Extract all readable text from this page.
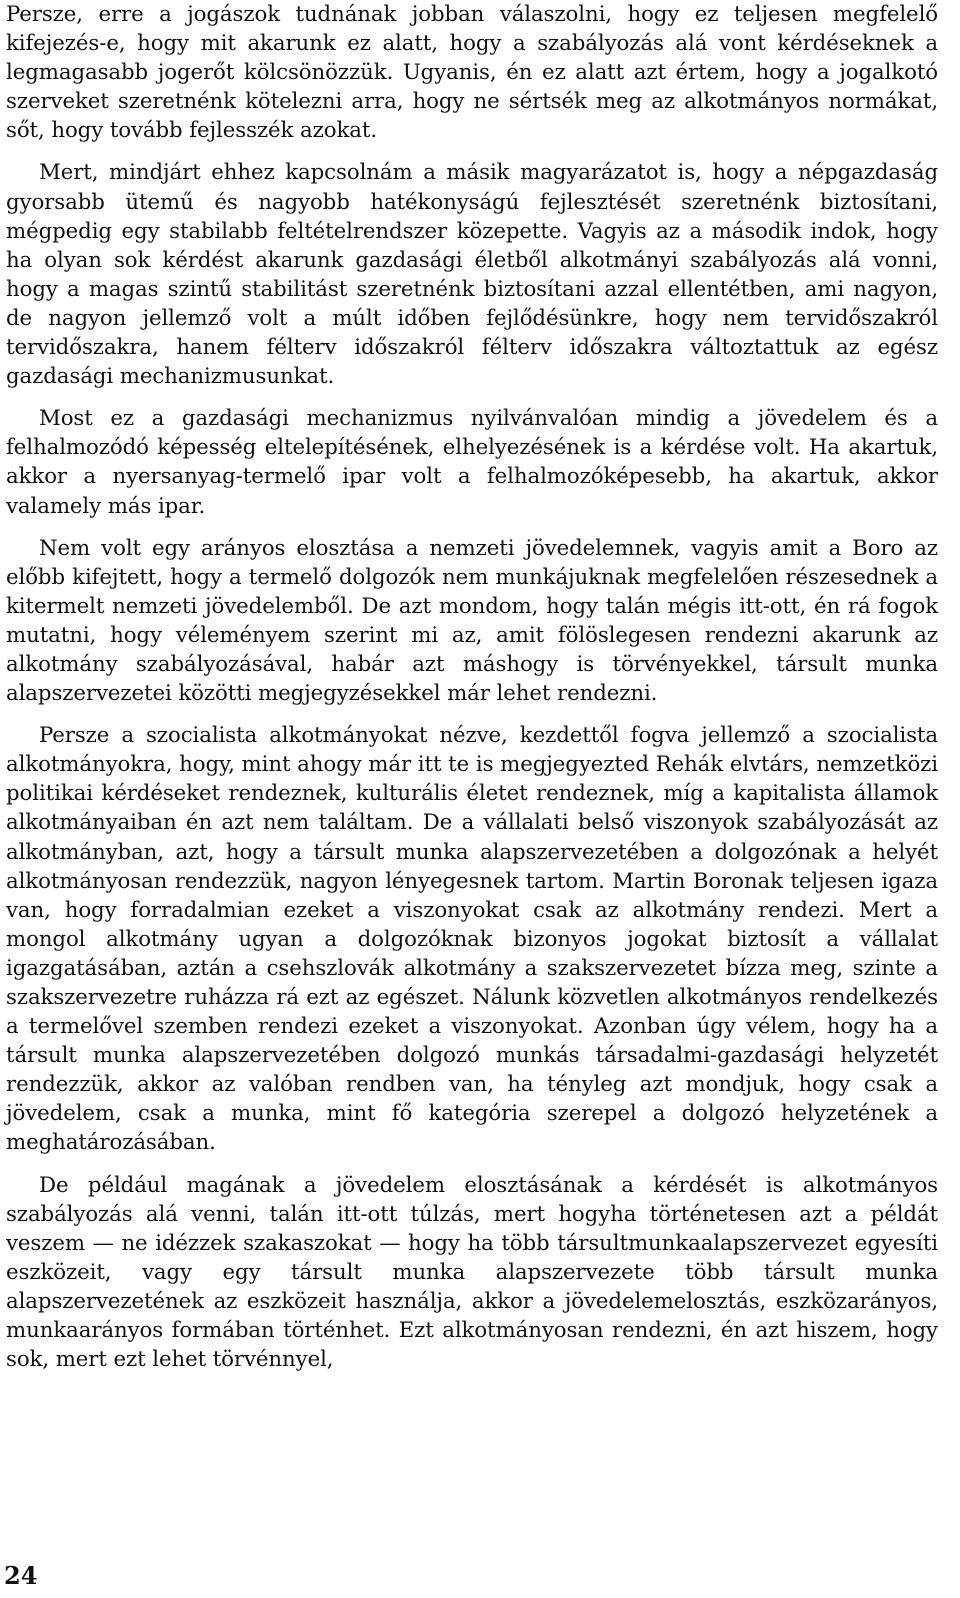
Persze, erre a jogászok tudnának jobban válaszolni, hogy ez teljesen megfelelő kifejezés-e, hogy mit akarunk ez alatt, hogy a szabályozás alá vont kérdéseknek a legmagasabb jogerőt kölcsönözzük. Ugyanis, én ez alatt azt értem, hogy a jogalkotó szerveket szeretnénk kötelezni arra, hogy ne sértsék meg az alkotmányos normákat, sőt, hogy tovább fejlesszék azokat.

Mert, mindjárt ehhez kapcsolnám a másik magyarázatot is, hogy a népgazdaság gyorsabb ütemű és nagyobb hatékonyságú fejlesztését szeretnénk biztosítani, mégpedig egy stabilabb feltételrendszer közepette. Vagyis az a második indok, hogy ha olyan sok kérdést akarunk gazdasági életből alkotmányi szabályozás alá vonni, hogy a magas szintű stabilitást szeretnénk biztosítani azzal ellentétben, ami nagyon, de nagyon jellemző volt a múlt időben fejlődésünkre, hogy nem tervidőszakról tervidőszakra, hanem félterv időszakról félterv időszakra változtattuk az egész gazdasági mechanizmusunkat.

Most ez a gazdasági mechanizmus nyilvánvalóan mindig a jövedelem és a felhalmozódó képesség eltelepítésének, elhelyezésének is a kérdése volt. Ha akartuk, akkor a nyersanyag-termelő ipar volt a felhalmozóképesebb, ha akartuk, akkor valamely más ipar.

Nem volt egy arányos elosztása a nemzeti jövedelemnek, vagyis amit a Boro az előbb kifejtett, hogy a termelő dolgozók nem munkájuknak megfelelően részesednek a kitermelt nemzeti jövedelemből. De azt mondom, hogy talán mégis itt-ott, én rá fogok mutatni, hogy véleményem szerint mi az, amit fölöslegesen rendezni akarunk az alkotmány szabályozásával, habár azt máshogy is törvényekkel, társult munka alapszervezetei közötti megjegyzésekkel már lehet rendezni.

Persze a szocialista alkotmányokat nézve, kezdettől fogva jellemző a szocialista alkotmányokra, hogy, mint ahogy már itt te is megjegyezted Rehák elvtárs, nemzetközi politikai kérdéseket rendeznek, kulturális életet rendeznek, míg a kapitalista államok alkotmányaiban én azt nem találtam. De a vállalati belső viszonyok szabályozását az alkotmányban, azt, hogy a társult munka alapszervezetében a dolgozónak a helyét alkotmányosan rendezzük, nagyon lényegesnek tartom. Martin Boronak teljesen igaza van, hogy forradalmian ezeket a viszonyokat csak az alkotmány rendezi. Mert a mongol alkotmány ugyan a dolgozóknak bizonyos jogokat biztosít a vállalat igazgatásában, aztán a csehszlovák alkotmány a szakszervezetet bízza meg, szinte a szakszervezetre ruházza rá ezt az egészet. Nálunk közvetlen alkotmányos rendelkezés a termelővel szemben rendezi ezeket a viszonyokat. Azonban úgy vélem, hogy ha a társult munka alapszervezetében dolgozó munkás társadalmi-gazdasági helyzetét rendezzük, akkor az valóban rendben van, ha tényleg azt mondjuk, hogy csak a jövedelem, csak a munka, mint fő kategória szerepel a dolgozó helyzetének a meghatározásában.

De például magának a jövedelem elosztásának a kérdését is alkotmányos szabályozás alá venni, talán itt-ott túlzás, mert hogyha történetesen azt a példát veszem — ne idézzek szakaszokat — hogy ha több társultmunkaalapszervezet egyesíti eszközeit, vagy egy társult munka alapszervezete több társult munka alapszervezetének az eszközeit használja, akkor a jövedelemelosztás, eszközarányos, munkaarányos formában történhet. Ezt alkotmányosan rendezni, én azt hiszem, hogy sok, mert ezt lehet törvénnyel,

24
